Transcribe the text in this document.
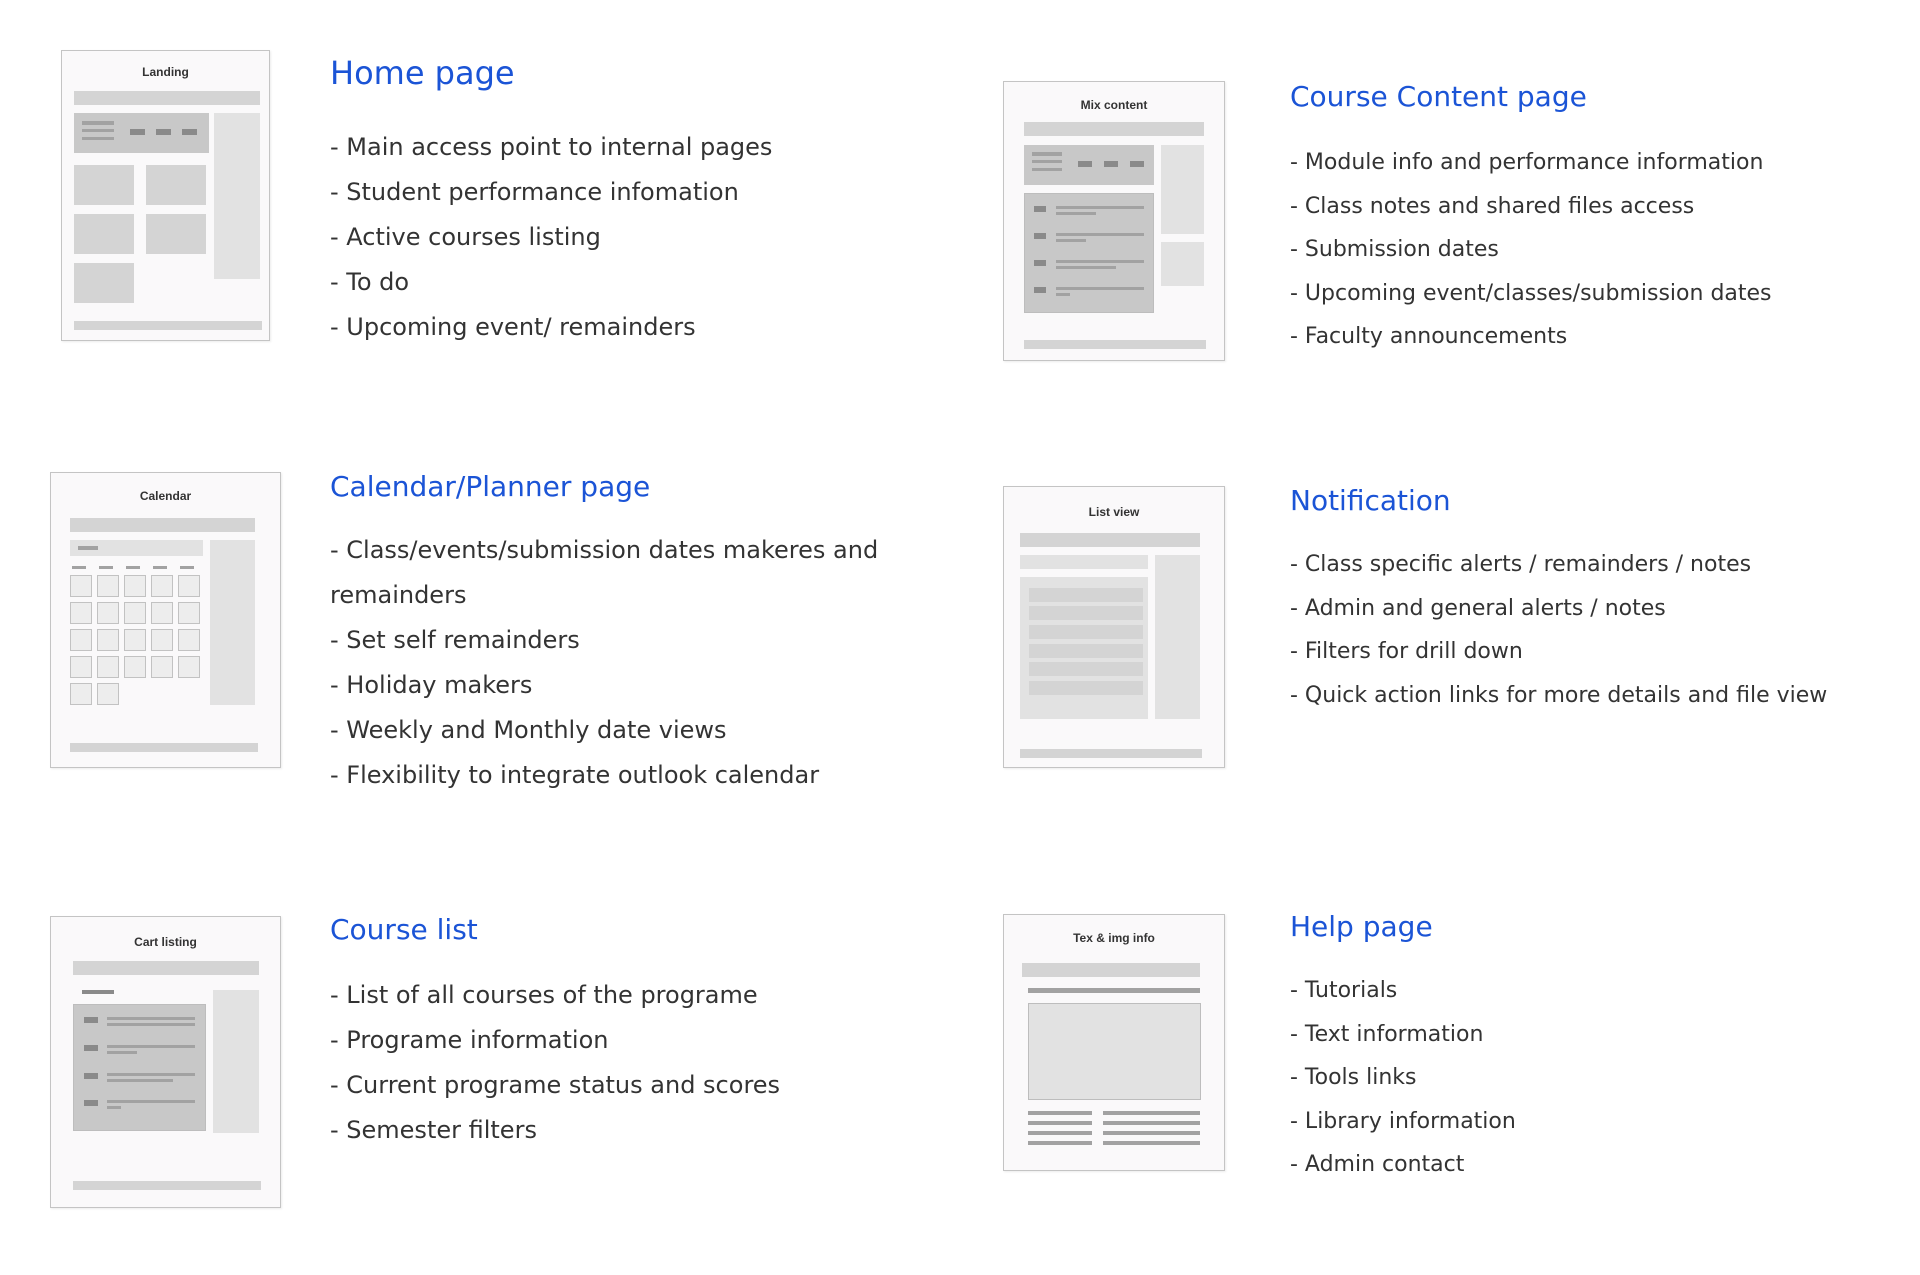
Landing	Home page
- Main access point to internal pages
- Student performance infomation
- Active courses listing
- To do
- Upcoming event/ remainders
Mix content	Course Content page
- Module info and performance information
- Class notes and shared files access
- Submission dates
- Upcoming event/classes/submission dates
- Faculty announcements
Calendar	Calendar/Planner page
- Class/events/submission dates makeres and
remainders
- Set self remainders
- Holiday makers
- Weekly and Monthly date views
- Flexibility to integrate outlook calendar
List view	Notification
- Class specific alerts / remainders / notes
- Admin and general alerts / notes
- Filters for drill down
- Quick action links for more details and file view
Cart listing	Course list
- List of all courses of the programe
- Programe information
- Current programe status and scores
- Semester filters
Tex & img info	Help page
- Tutorials
- Text information
- Tools links
- Library information
- Admin contact
